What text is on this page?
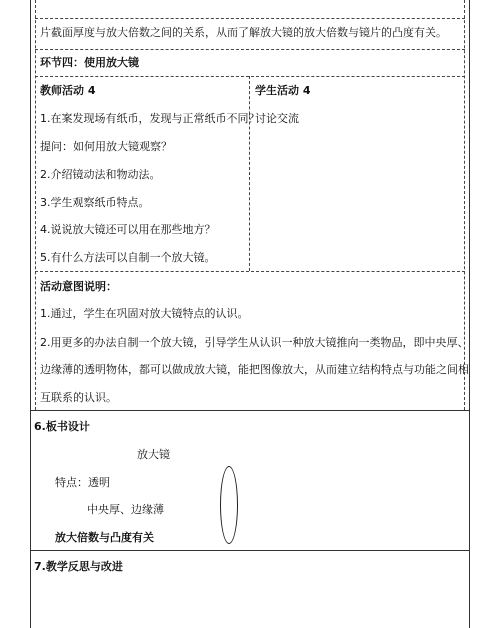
片截面厚度与放大倍数之间的关系，从而了解放大镜的放大倍数与镜片的凸度有关。
环节四：使用放大镜
教师活动 4	学生活动 4
1.在案发现场有纸币，发现与正常纸币不同？
提问：如何用放大镜观察？
2.介绍镜动法和物动法。
3.学生观察纸币特点。
4.说说放大镜还可以用在那些地方？
5.有什么方法可以自制一个放大镜。
讨论交流
活动意图说明：
1.通过，学生在巩固对放大镜特点的认识。
2.用更多的办法自制一个放大镜，引导学生从认识一种放大镜推向一类物品，即中央厚、
边缘薄的透明物体，都可以做成放大镜，能把图像放大，从而建立结构特点与功能之间相
互联系的认识。
6.板书设计
放大镜
特点：透明
中央厚、边缘薄
放大倍数与凸度有关
7.教学反思与改进
